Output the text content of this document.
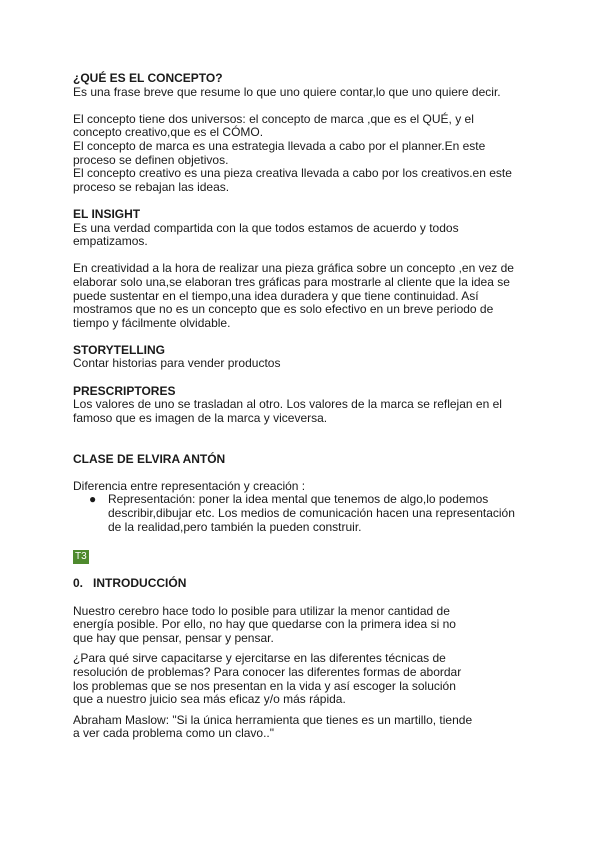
¿QUÉ ES EL CONCEPTO?

Es una frase breve que resume lo que uno quiere contar,lo que uno quiere decir.

El concepto tiene dos universos: el concepto de marca ,que es el QUÉ, y el

concepto creativo,que es el CÓMO.

El concepto de marca es una estrategia llevada a cabo por el planner.En este

proceso se definen objetivos.

El concepto creativo es una pieza creativa llevada a cabo por los creativos.en este

proceso se rebajan las ideas.

EL INSIGHT

Es una verdad compartida con la que todos estamos de acuerdo y todos

empatizamos.

En creatividad a la hora de realizar una pieza gráfica sobre un concepto ,en vez de

elaborar solo una,se elaboran tres gráficas para mostrarle al cliente que la idea se

puede sustentar en el tiempo,una idea duradera y que tiene continuidad. Así

mostramos que no es un concepto que es solo efectivo en un breve periodo de

tiempo y fácilmente olvidable.

STORYTELLING

Contar historias para vender productos

PRESCRIPTORES

Los valores de uno se trasladan al otro. Los valores de la marca se reflejan en el

famoso que es imagen de la marca y viceversa.

CLASE DE ELVIRA ANTÓN

Diferencia entre representación y creación :

● Representación: poner la idea mental que tenemos de algo,lo podemos
describir,dibujar etc. Los medios de comunicación hacen una representación
de la realidad,pero también la pueden construir.
T3
0. INTRODUCCIÓN

Nuestro cerebro hace todo lo posible para utilizar la menor cantidad de

energía posible. Por ello, no hay que quedarse con la primera idea si no

que hay que pensar, pensar y pensar.

¿Para qué sirve capacitarse y ejercitarse en las diferentes técnicas de

resolución de problemas? Para conocer las diferentes formas de abordar

los problemas que se nos presentan en la vida y así escoger la solución

que a nuestro juicio sea más eficaz y/o más rápida.

Abraham Maslow: "Si la única herramienta que tienes es un martillo, tiende

a ver cada problema como un clavo.."
